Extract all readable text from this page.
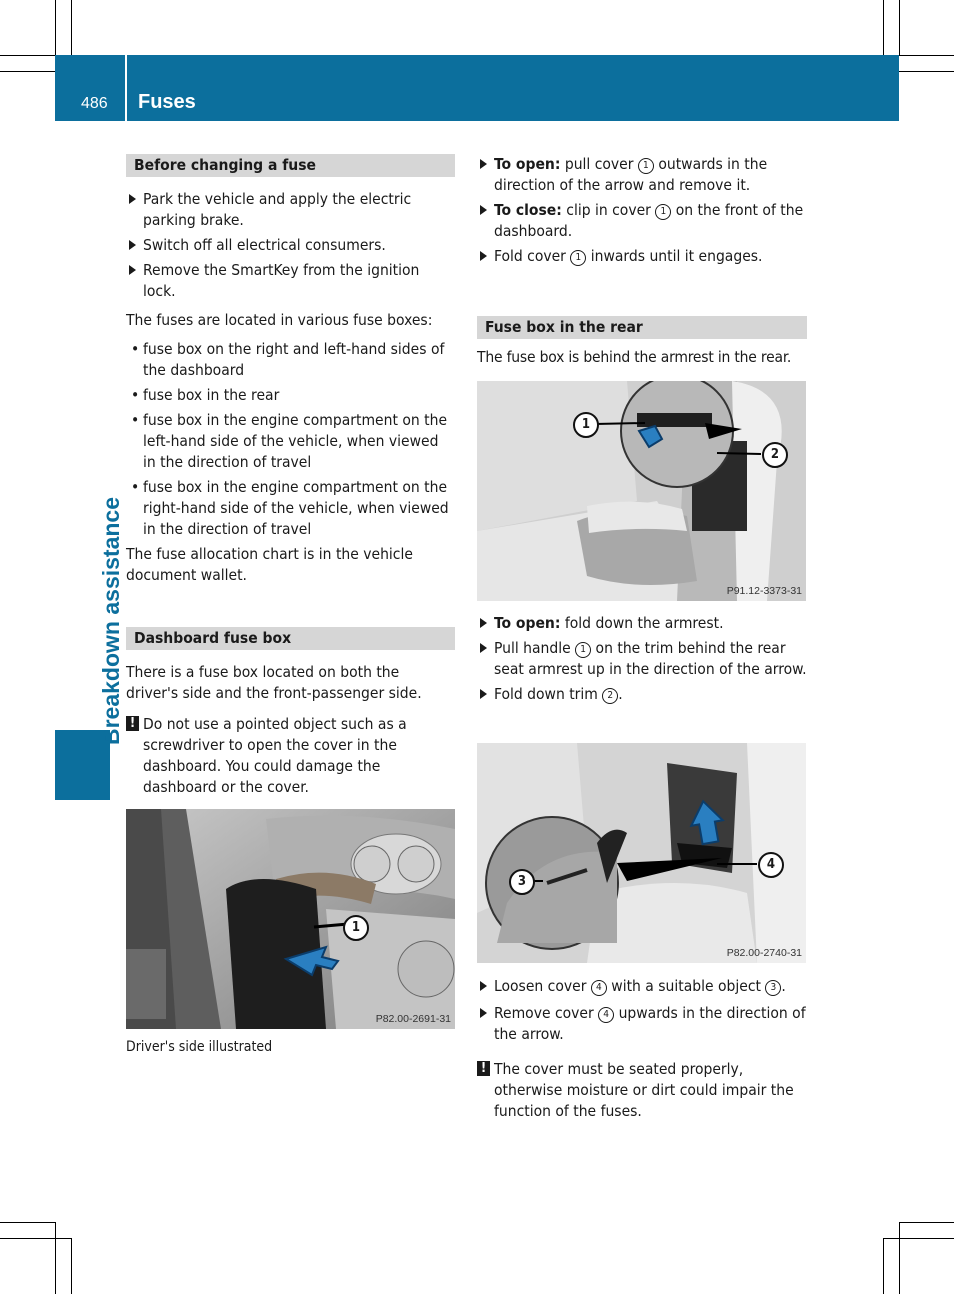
486 Fuses
Breakdown assistance
Before changing a fuse
Park the vehicle and apply the electric parking brake.
Switch off all electrical consumers.
Remove the SmartKey from the ignition lock.
The fuses are located in various fuse boxes:
• fuse box on the right and left-hand sides of the dashboard
• fuse box in the rear
• fuse box in the engine compartment on the left-hand side of the vehicle, when viewed in the direction of travel
• fuse box in the engine compartment on the right-hand side of the vehicle, when viewed in the direction of travel
The fuse allocation chart is in the vehicle document wallet.
Dashboard fuse box
There is a fuse box located on both the driver's side and the front-passenger side.
! Do not use a pointed object such as a screwdriver to open the cover in the dashboard. You could damage the dashboard or the cover.
1
P82.00-2691-31
Driver's side illustrated
To open: pull cover 1 outwards in the direction of the arrow and remove it.
To close: clip in cover 1 on the front of the dashboard.
Fold cover 1 inwards until it engages.
Fuse box in the rear
The fuse box is behind the armrest in the rear.
1
2
P91.12-3373-31
To open: fold down the armrest.
Pull handle 1 on the trim behind the rear seat armrest up in the direction of the arrow.
Fold down trim 2 .
3
4
P82.00-2740-31
Loosen cover 4 with a suitable object 3 .
Remove cover 4 upwards in the direction of the arrow.
! The cover must be seated properly, otherwise moisture or dirt could impair the function of the fuses.
